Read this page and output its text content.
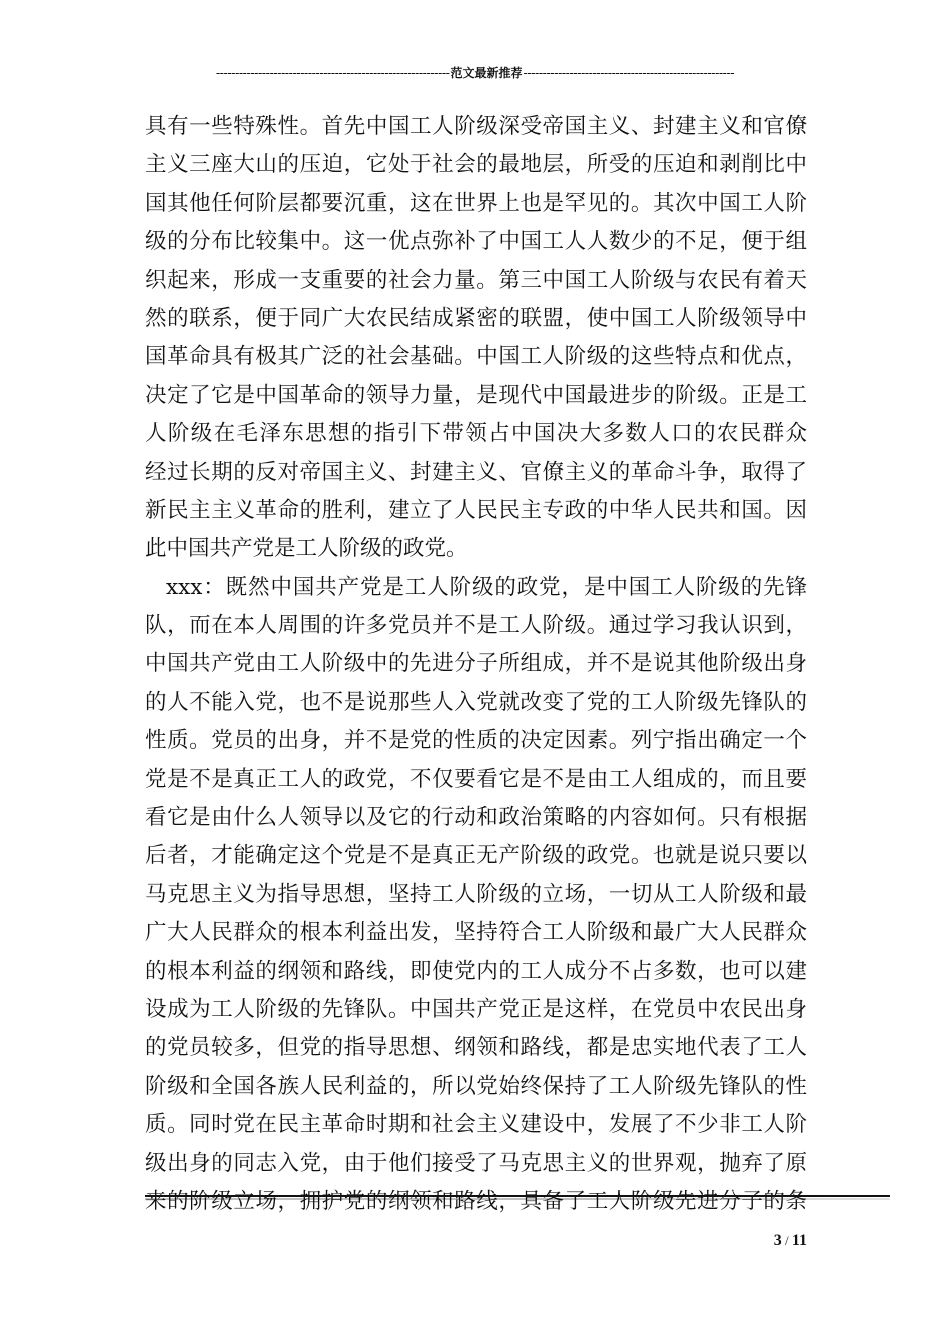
-------------------------------------------------------------范文最新推荐-------------------------------------------------------
具有一些特殊性。首先中国工人阶级深受帝国主义、封建主义和官僚
主义三座大山的压迫，它处于社会的最地层，所受的压迫和剥削比中
国其他任何阶层都要沉重，这在世界上也是罕见的。其次中国工人阶
级的分布比较集中。这一优点弥补了中国工人人数少的不足，便于组
织起来，形成一支重要的社会力量。第三中国工人阶级与农民有着天
然的联系，便于同广大农民结成紧密的联盟，使中国工人阶级领导中
国革命具有极其广泛的社会基础。中国工人阶级的这些特点和优点，
决定了它是中国革命的领导力量，是现代中国最进步的阶级。正是工
人阶级在毛泽东思想的指引下带领占中国决大多数人口的农民群众
经过长期的反对帝国主义、封建主义、官僚主义的革命斗争，取得了
新民主主义革命的胜利，建立了人民民主专政的中华人民共和国。因
此中国共产党是工人阶级的政党。
xxx：既然中国共产党是工人阶级的政党，是中国工人阶级的先锋
队，而在本人周围的许多党员并不是工人阶级。通过学习我认识到，
中国共产党由工人阶级中的先进分子所组成，并不是说其他阶级出身
的人不能入党，也不是说那些人入党就改变了党的工人阶级先锋队的
性质。党员的出身，并不是党的性质的决定因素。列宁指出确定一个
党是不是真正工人的政党，不仅要看它是不是由工人组成的，而且要
看它是由什么人领导以及它的行动和政治策略的内容如何。只有根据
后者，才能确定这个党是不是真正无产阶级的政党。也就是说只要以
马克思主义为指导思想，坚持工人阶级的立场，一切从工人阶级和最
广大人民群众的根本利益出发，坚持符合工人阶级和最广大人民群众
的根本利益的纲领和路线，即使党内的工人成分不占多数，也可以建
设成为工人阶级的先锋队。中国共产党正是这样，在党员中农民出身
的党员较多，但党的指导思想、纲领和路线，都是忠实地代表了工人
阶级和全国各族人民利益的，所以党始终保持了工人阶级先锋队的性
质。同时党在民主革命时期和社会主义建设中，发展了不少非工人阶
级出身的同志入党，由于他们接受了马克思主义的世界观，抛弃了原
来的阶级立场，拥护党的纲领和路线，具备了工人阶级先进分子的条
3 / 11
